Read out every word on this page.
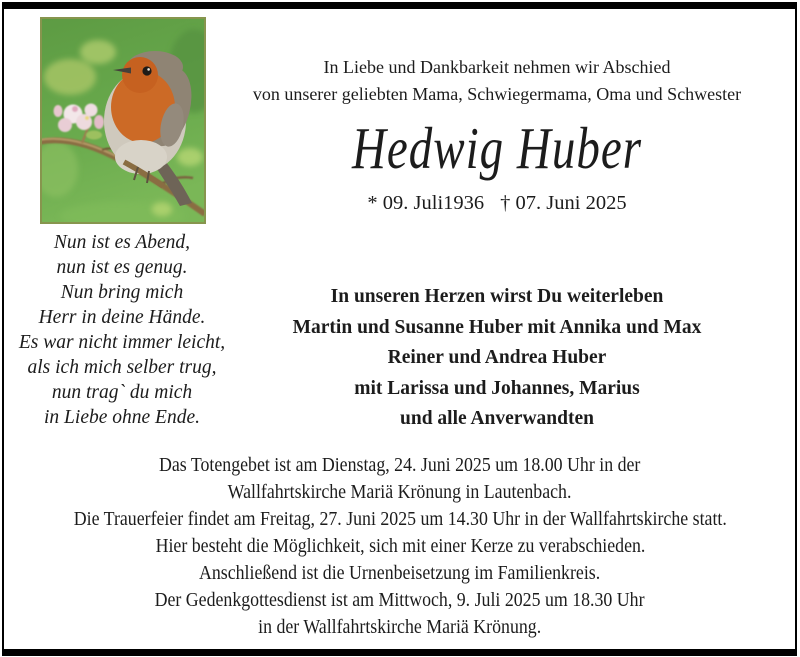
Nun ist es Abend,
nun ist es genug.
Nun bring mich
Herr in deine Hände.
Es war nicht immer leicht,
als ich mich selber trug,
nun trag` du mich
in Liebe ohne Ende.
In Liebe und Dankbarkeit nehmen wir Abschied
von unserer geliebten Mama, Schwiegermama, Oma und Schwester
Hedwig Huber
* 09. Juli1936 † 07. Juni 2025
In unseren Herzen wirst Du weiterleben
Martin und Susanne Huber mit Annika und Max
Reiner und Andrea Huber
mit Larissa und Johannes, Marius
und alle Anverwandten
Das Totengebet ist am Dienstag, 24. Juni 2025 um 18.00 Uhr in der
Wallfahrtskirche Mariä Krönung in Lautenbach.
Die Trauerfeier findet am Freitag, 27. Juni 2025 um 14.30 Uhr in der Wallfahrtskirche statt.
Hier besteht die Möglichkeit, sich mit einer Kerze zu verabschieden.
Anschließend ist die Urnenbeisetzung im Familienkreis.
Der Gedenkgottesdienst ist am Mittwoch, 9. Juli 2025 um 18.30 Uhr
in der Wallfahrtskirche Mariä Krönung.
